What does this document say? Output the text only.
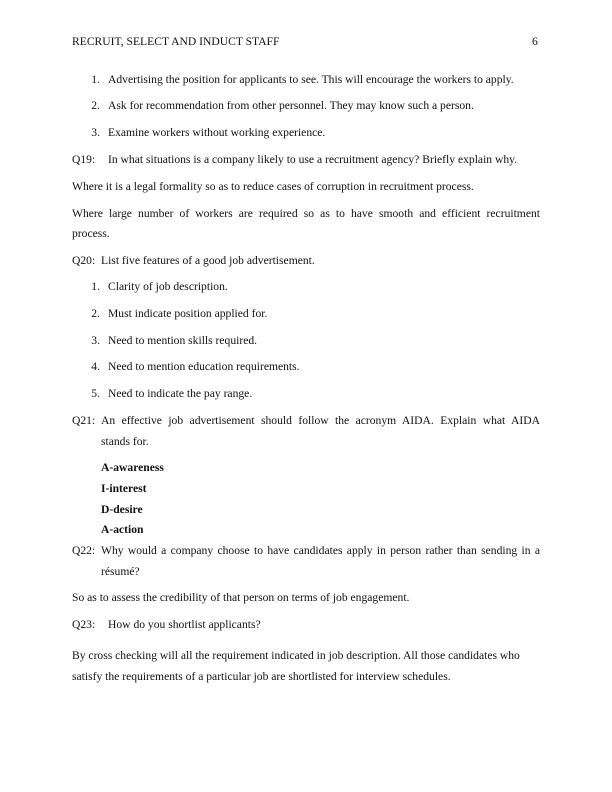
RECRUIT, SELECT AND INDUCT STAFF	6
1. Advertising the position for applicants to see. This will encourage the workers to apply.
2. Ask for recommendation from other personnel. They may know such a person.
3. Examine workers without working experience.
Q19: In what situations is a company likely to use a recruitment agency? Briefly explain why.
Where it is a legal formality so as to reduce cases of corruption in recruitment process.
Where large number of workers are required so as to have smooth and efficient recruitment
process.
Q20: List five features of a good job advertisement.
1. Clarity of job description.
2. Must indicate position applied for.
3. Need to mention skills required.
4. Need to mention education requirements.
5. Need to indicate the pay range.
Q21: An effective job advertisement should follow the acronym AIDA. Explain what AIDA
stands for.
A-awareness
I-interest
D-desire
A-action
Q22: Why would a company choose to have candidates apply in person rather than sending in a
résumé?
So as to assess the credibility of that person on terms of job engagement.
Q23: How do you shortlist applicants?
By cross checking will all the requirement indicated in job description. All those candidates who
satisfy the requirements of a particular job are shortlisted for interview schedules.
